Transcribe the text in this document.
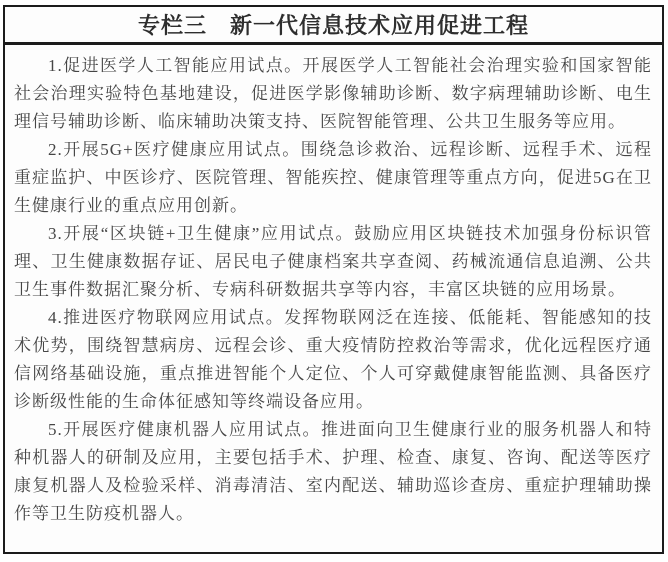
专栏三　新一代信息技术应用促进工程

1.促进医学人工智能应用试点。开展医学人工智能社会治理实验和国家智能社会治理实验特色基地建设，促进医学影像辅助诊断、数字病理辅助诊断、电生理信号辅助诊断、临床辅助决策支持、医院智能管理、公共卫生服务等应用。

2.开展5G+医疗健康应用试点。围绕急诊救治、远程诊断、远程手术、远程重症监护、中医诊疗、医院管理、智能疾控、健康管理等重点方向，促进5G在卫生健康行业的重点应用创新。

3.开展“区块链+卫生健康”应用试点。鼓励应用区块链技术加强身份标识管理、卫生健康数据存证、居民电子健康档案共享查阅、药械流通信息追溯、公共卫生事件数据汇聚分析、专病科研数据共享等内容，丰富区块链的应用场景。

4.推进医疗物联网应用试点。发挥物联网泛在连接、低能耗、智能感知的技术优势，围绕智慧病房、远程会诊、重大疫情防控救治等需求，优化远程医疗通信网络基础设施，重点推进智能个人定位、个人可穿戴健康智能监测、具备医疗诊断级性能的生命体征感知等终端设备应用。

5.开展医疗健康机器人应用试点。推进面向卫生健康行业的服务机器人和特种机器人的研制及应用，主要包括手术、护理、检查、康复、咨询、配送等医疗康复机器人及检验采样、消毒清洁、室内配送、辅助巡诊查房、重症护理辅助操作等卫生防疫机器人。
